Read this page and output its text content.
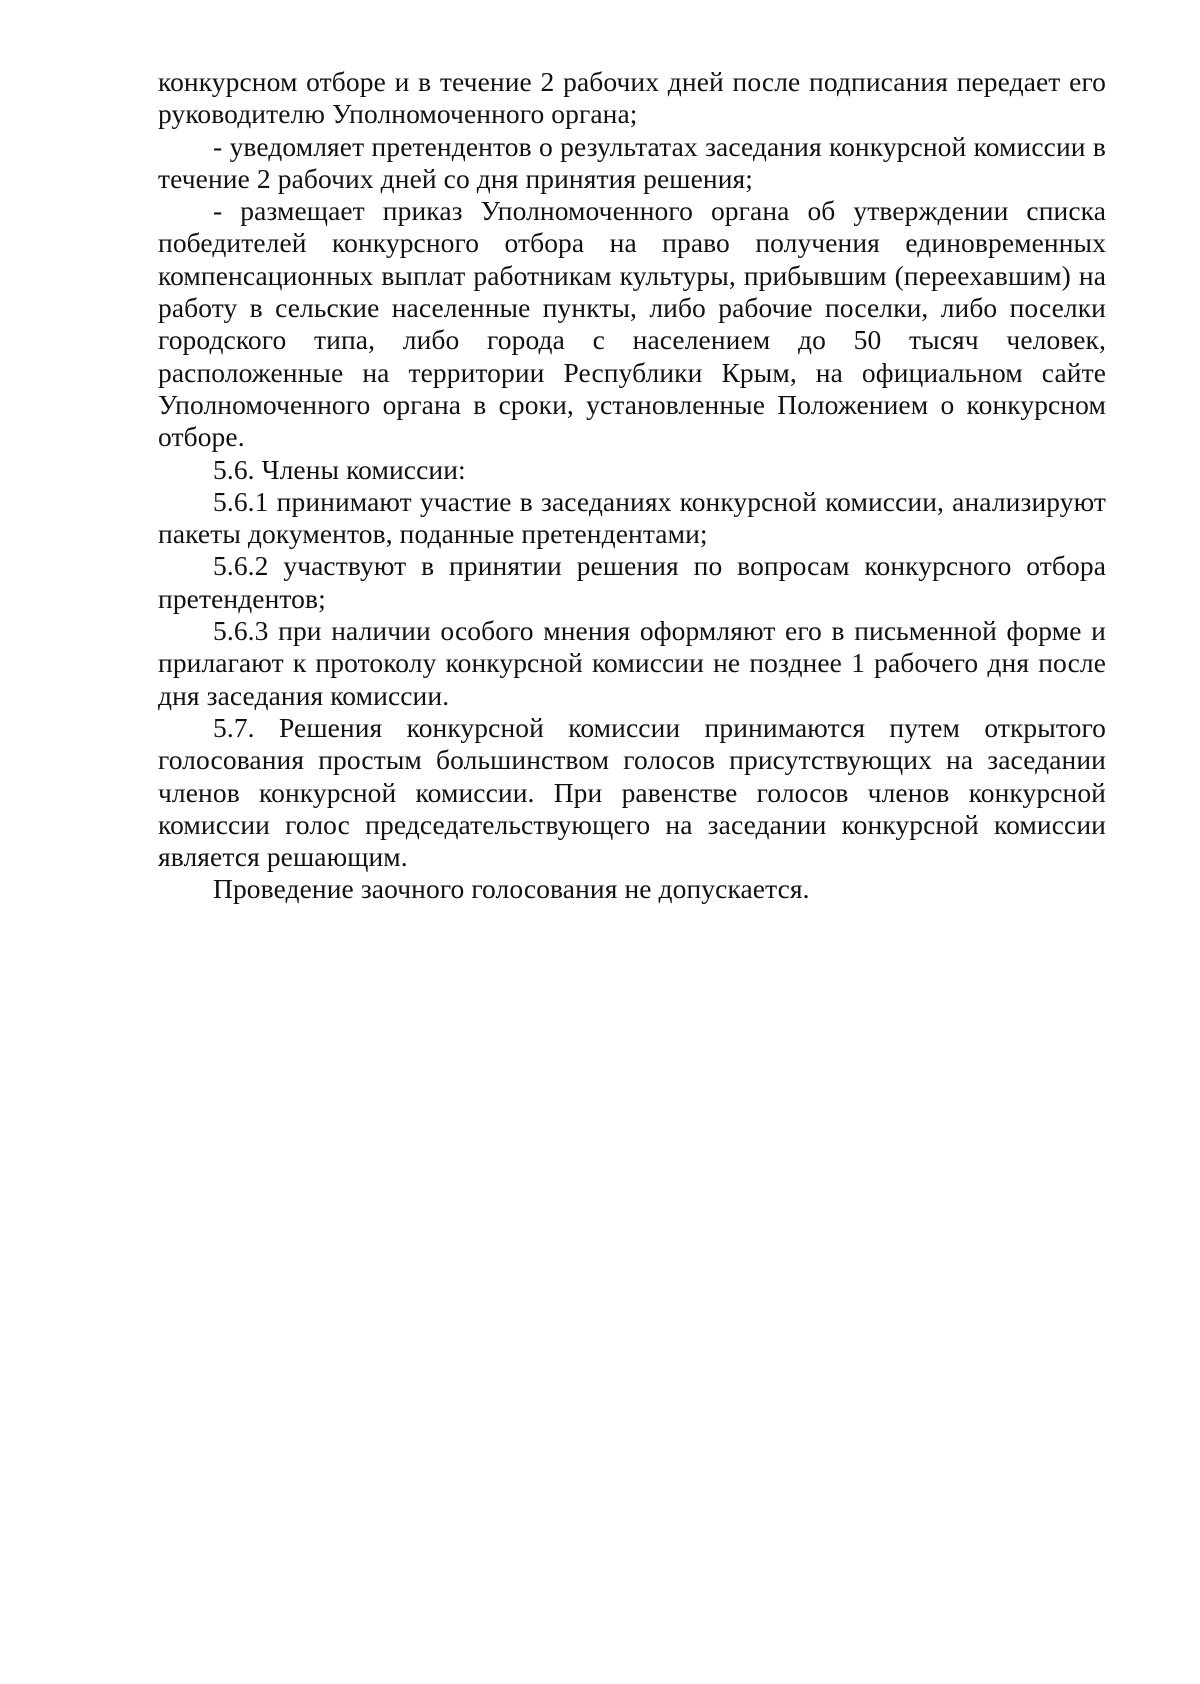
конкурсном отборе и в течение 2 рабочих дней после подписания передает его руководителю Уполномоченного органа;

- уведомляет претендентов о результатах заседания конкурсной комиссии в течение 2 рабочих дней со дня принятия решения;

- размещает приказ Уполномоченного органа об утверждении списка победителей конкурсного отбора на право получения единовременных компенсационных выплат работникам культуры, прибывшим (переехавшим) на работу в сельские населенные пункты, либо рабочие поселки, либо поселки городского типа, либо города с населением до 50 тысяч человек, расположенные на территории Республики Крым, на официальном сайте Уполномоченного органа в сроки, установленные Положением о конкурсном отборе.

5.6. Члены комиссии:

5.6.1 принимают участие в заседаниях конкурсной комиссии, анализируют пакеты документов, поданные претендентами;

5.6.2 участвуют в принятии решения по вопросам конкурсного отбора претендентов;

5.6.3 при наличии особого мнения оформляют его в письменной форме и прилагают к протоколу конкурсной комиссии не позднее 1 рабочего дня после дня заседания комиссии.

5.7. Решения конкурсной комиссии принимаются путем открытого голосования простым большинством голосов присутствующих на заседании членов конкурсной комиссии. При равенстве голосов членов конкурсной комиссии голос председательствующего на заседании конкурсной комиссии является решающим.

Проведение заочного голосования не допускается.
